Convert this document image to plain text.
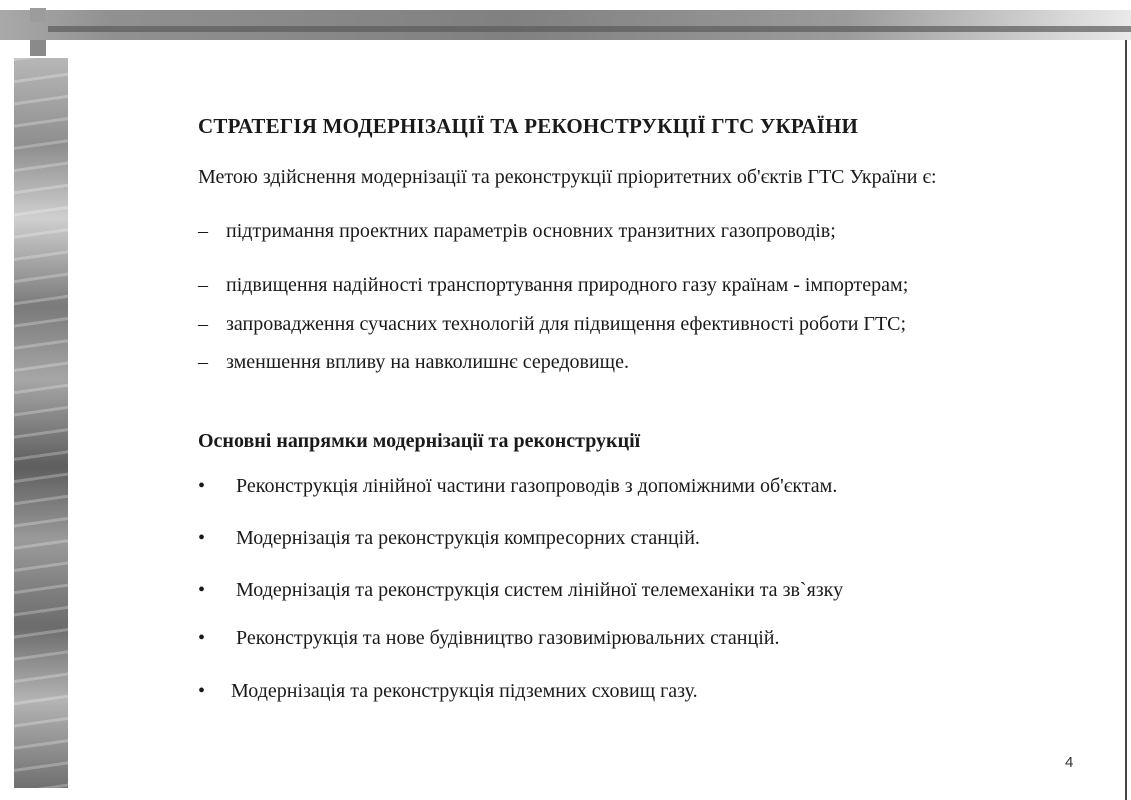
СТРАТЕГІЯ МОДЕРНІЗАЦІЇ ТА РЕКОНСТРУКЦІЇ ГТС УКРАЇНИ
Метою здійснення модернізації та реконструкції пріоритетних об'єктів ГТС України є:
– підтримання проектних параметрів основних транзитних газопроводів;
– підвищення надійності транспортування природного газу країнам - імпортерам;
– запровадження сучасних технологій для підвищення ефективності роботи ГТС;
– зменшення впливу на навколишнє середовище.
Основні напрямки модернізації та реконструкції
• Реконструкція лінійної частини газопроводів з допоміжними об'єктам.
• Модернізація та реконструкція компресорних станцій.
• Модернізація та реконструкція систем лінійної телемеханіки та зв`язку
• Реконструкція та нове будівництво газовимірювальних станцій.
• Модернізація та реконструкція підземних сховищ газу.
4
